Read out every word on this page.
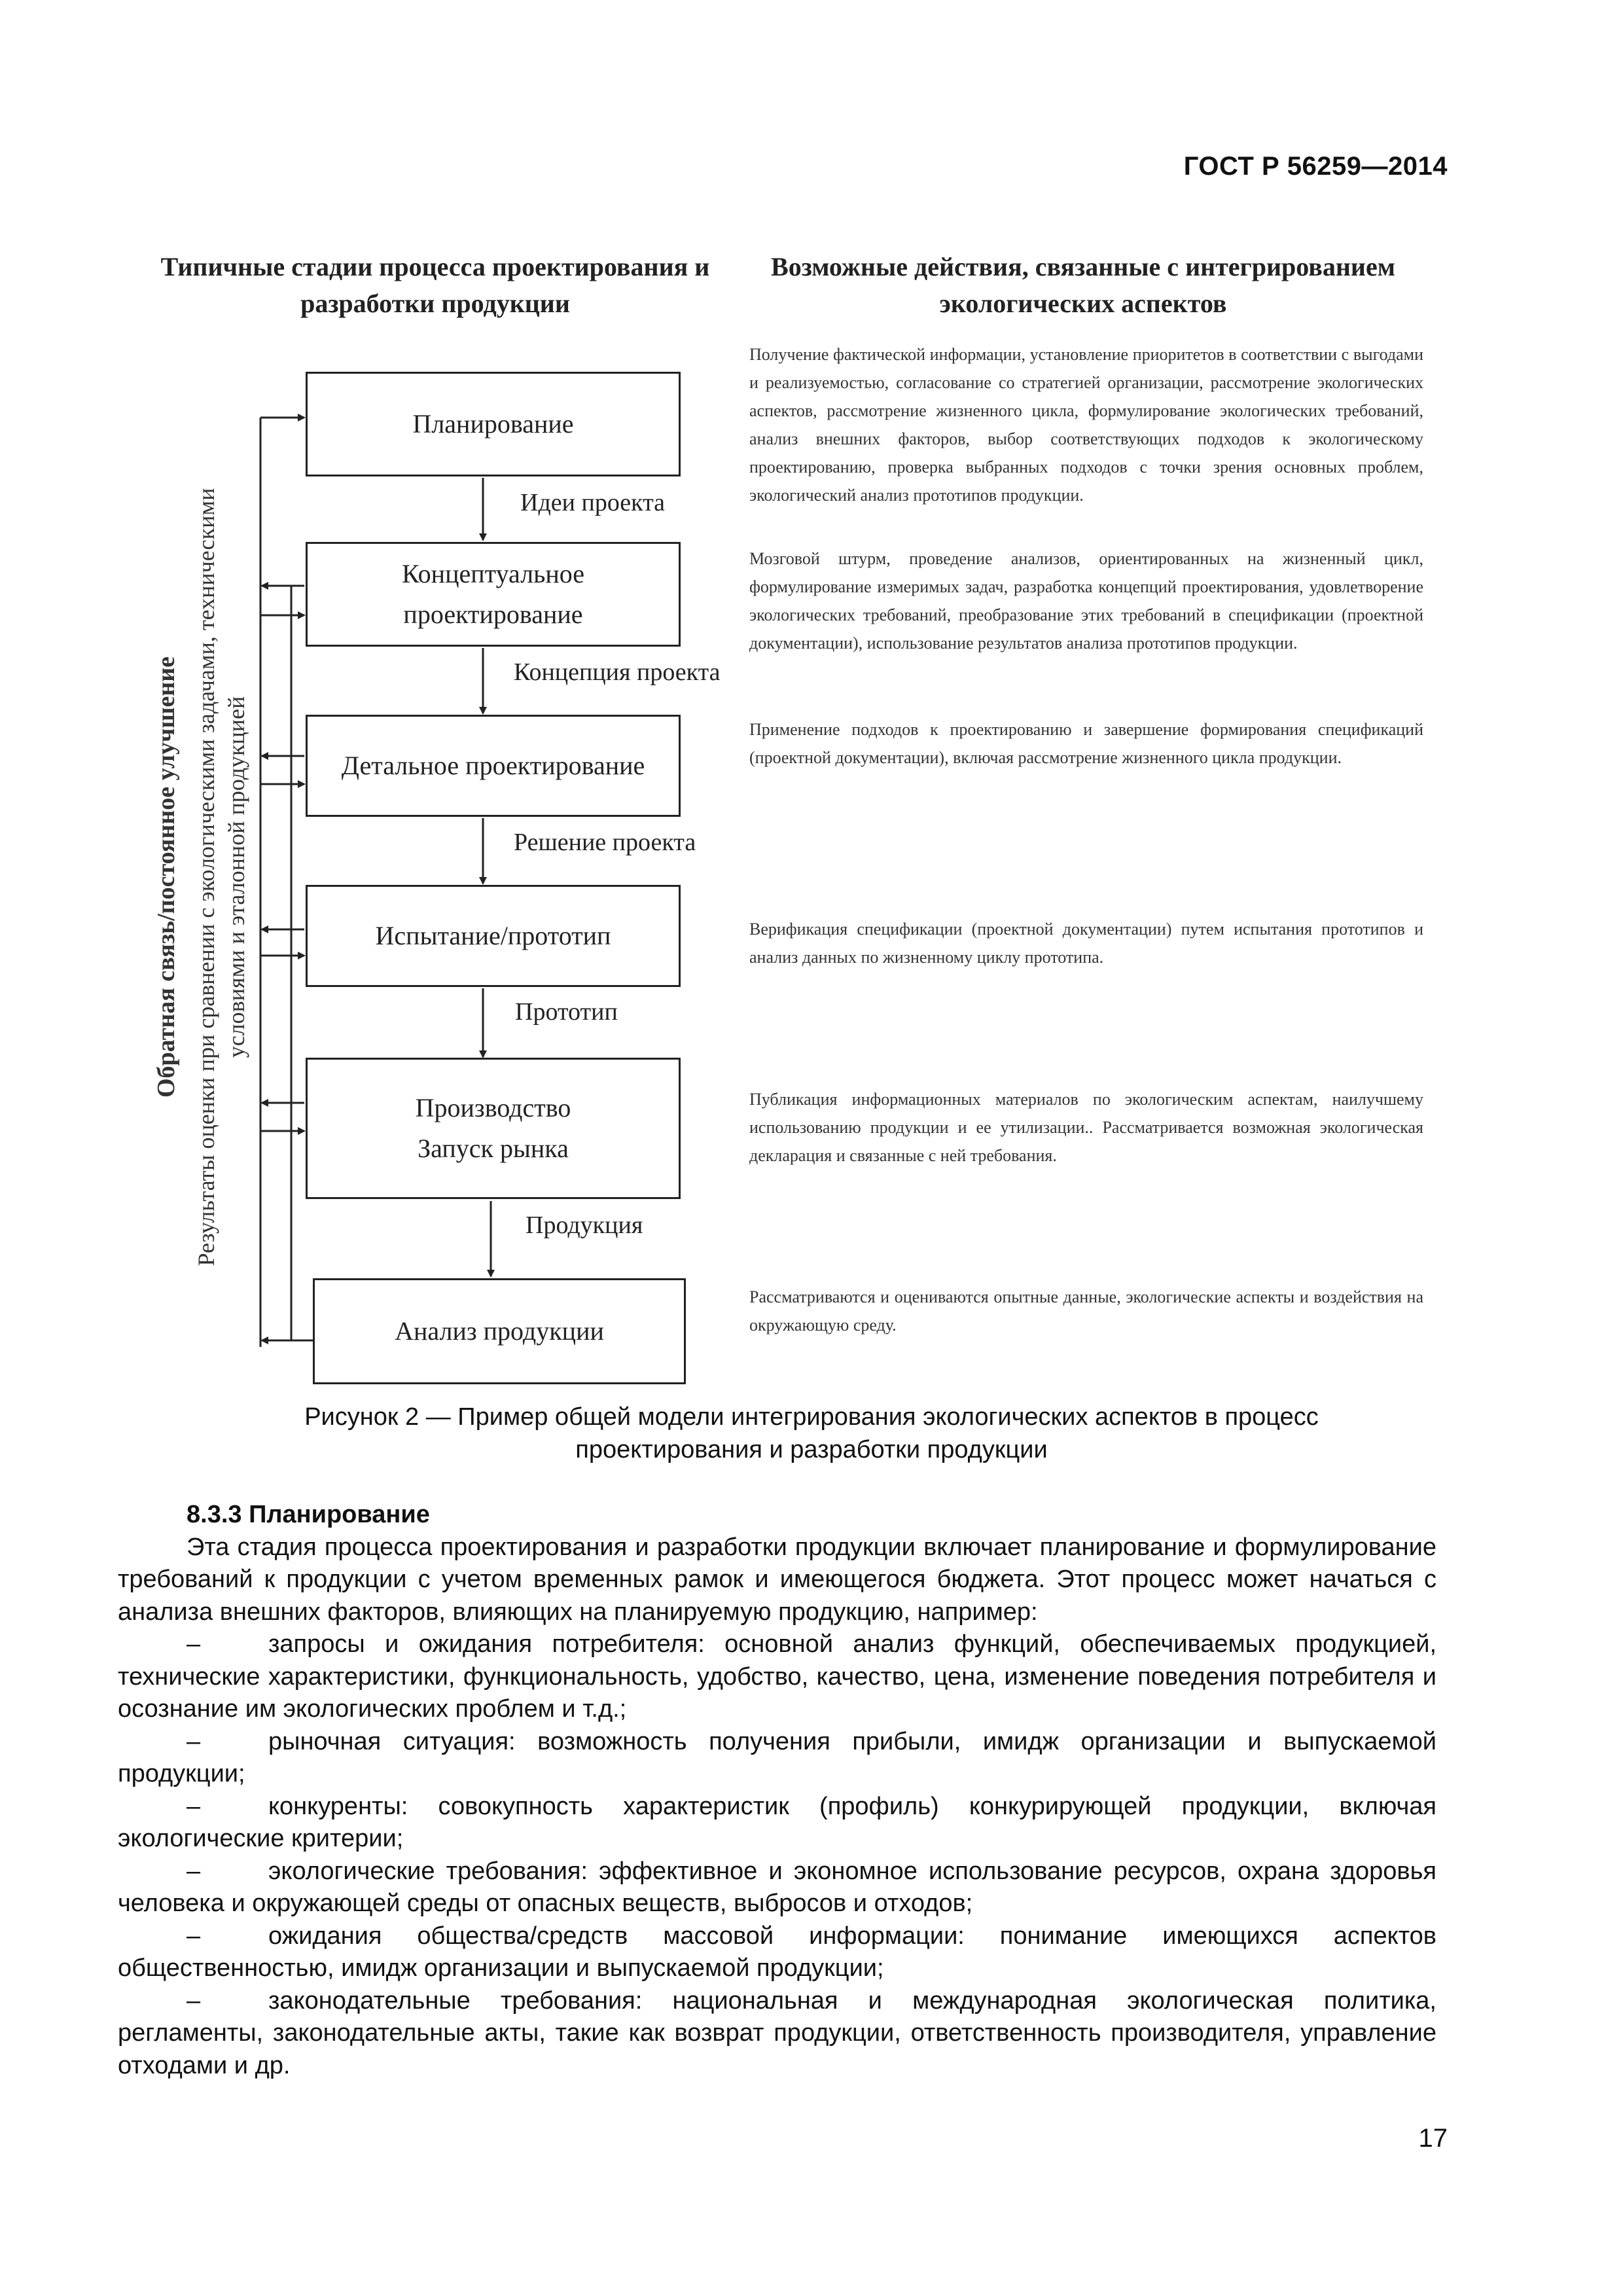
ГОСТ Р 56259—2014
Типичные стадии процесса проектирования и
разработки продукции
Возможные действия, связанные с интегрированием
экологических аспектов
Обратная связь/постоянное улучшение
Результаты оценки при сравнении с экологическими задачами, техническими
условиями и эталонной продукцией
Планирование
Концептуальное
проектирование
Детальное проектирование
Испытание/прототип
Производство
Запуск рынка
Анализ продукции
Идеи проекта
Концепция проекта
Решение проекта
Прототип
Продукция
Получение фактической информации, установление приоритетов в соответствии с выгодами и реализуемостью, согласование со стратегией организации, рассмотрение экологических аспектов, рассмотрение жизненного цикла, формулирование экологических требований, анализ внешних факторов, выбор соответствующих подходов к экологическому проектированию, проверка выбранных подходов с точки зрения основных проблем, экологический анализ прототипов продукции.
Мозговой штурм, проведение анализов, ориентированных на жизненный цикл, формулирование измеримых задач, разработка концепций проектирования, удовлетворение экологических требований, преобразование этих требований в спецификации (проектной документации), использование результатов анализа прототипов продукции.
Применение подходов к проектированию и завершение формирования спецификаций (проектной документации), включая рассмотрение жизненного цикла продукции.
Верификация спецификации (проектной документации) путем испытания прототипов и анализ данных по жизненному циклу прототипа.
Публикация информационных материалов по экологическим аспектам, наилучшему использованию продукции и ее утилизации.. Рассматривается возможная экологическая декларация и связанные с ней требования.
Рассматриваются и оцениваются опытные данные, экологические аспекты и воздействия на окружающую среду.
Рисунок 2 — Пример общей модели интегрирования экологических аспектов в процесс
проектирования и разработки продукции
8.3.3 Планирование
Эта стадия процесса проектирования и разработки продукции включает планирование и формулирование требований к продукции с учетом временных рамок и имеющегося бюджета. Этот процесс может начаться с анализа внешних факторов, влияющих на планируемую продукцию, например:
–	запросы и ожидания потребителя: основной анализ функций, обеспечиваемых продукцией, технические характеристики, функциональность, удобство, качество, цена, изменение поведения потребителя и осознание им экологических проблем и т.д.;
–	рыночная ситуация: возможность получения прибыли, имидж организации и выпускаемой продукции;
–	конкуренты: совокупность характеристик (профиль) конкурирующей продукции, включая экологические критерии;
–	экологические требования: эффективное и экономное использование ресурсов, охрана здоровья человека и окружающей среды от опасных веществ, выбросов и отходов;
–	ожидания общества/средств массовой информации: понимание имеющихся аспектов общественностью, имидж организации и выпускаемой продукции;
–	законодательные требования: национальная и международная экологическая политика, регламенты, законодательные акты, такие как возврат продукции, ответственность производителя, управление отходами и др.
17
